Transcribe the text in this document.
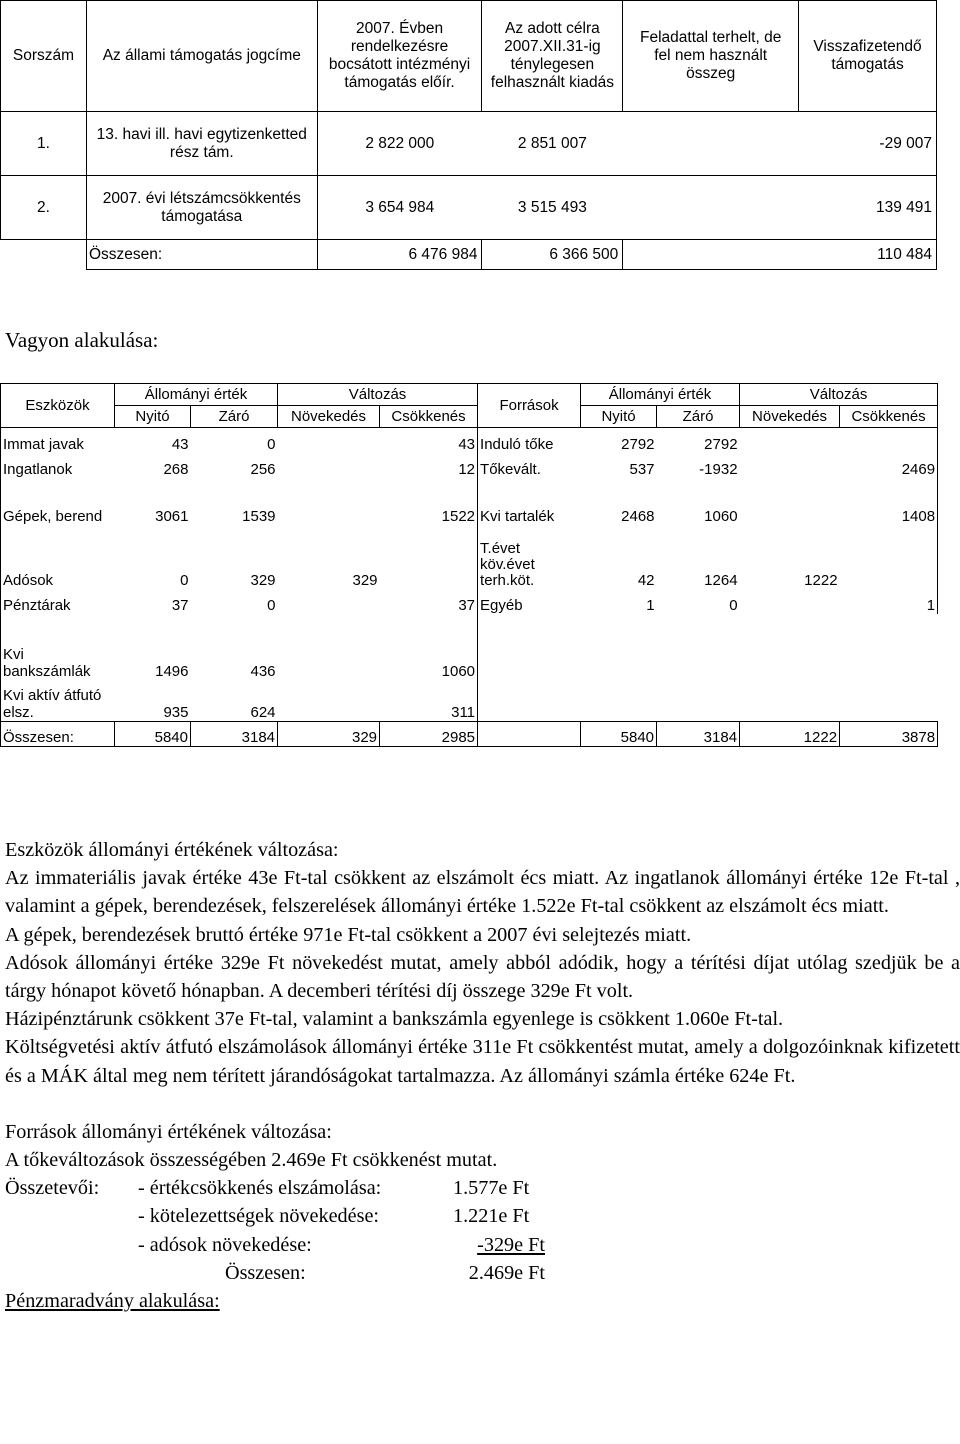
Sorszám	Az állami támogatás jogcíme	2007. Évben rendelkezésre bocsátott intézményi támogatás előír.	Az adott célra 2007.XII.31-ig ténylegesen felhasznált kiadás	Feladattal terhelt, de fel nem használt összeg	Visszafizetendő támogatás
1.	13. havi ill. havi egytizenketted rész tám.	2 822 000	2 851 007		-29 007
2.	2007. évi létszámcsökkentés támogatása	3 654 984	3 515 493		139 491
	Összesen:	6 476 984	6 366 500		110 484
Vagyon alakulása:
Eszközök	Állományi érték		Változás		Források	Állományi érték		Változás	
	Nyitó	Záró	Növekedés	Csökkenés		Nyitó	Záró	Növekedés	Csökkenés
Immat javak	43	0		43	Induló tőke	2792	2792		
Ingatlanok	268	256		12	Tőkevált.	537	-1932		2469
Gépek, berend	3061	1539		1522	Kvi tartalék	2468	1060		1408
Adósok	0	329	329		T.évet köv.évet terh.köt.	42	1264	1222	
Pénztárak	37	0		37	Egyéb	1	0		1
Kvi bankszámlák	1496	436		1060					
Kvi aktív átfutó elsz.	935	624		311					
Összesen:	5840	3184	329	2985		5840	3184	1222	3878

Eszközök állományi értékének változása:

Az immateriális javak értéke 43e Ft-tal csökkent az elszámolt écs miatt. Az ingatlanok állományi értéke 12e Ft-tal , valamint a gépek, berendezések, felszerelések állományi értéke 1.522e Ft-tal csökkent az elszámolt écs miatt.

A gépek, berendezések bruttó értéke 971e Ft-tal csökkent a 2007 évi selejtezés miatt.

Adósok állományi értéke 329e Ft növekedést mutat, amely abból adódik, hogy a térítési díjat utólag szedjük be a tárgy hónapot követő hónapban. A decemberi térítési díj összege 329e Ft volt.

Házipénztárunk csökkent 37e Ft-tal, valamint a bankszámla egyenlege is csökkent 1.060e Ft-tal.

Költségvetési aktív átfutó elszámolások állományi értéke 311e Ft csökkentést mutat, amely a dolgozóinknak kifizetett és a MÁK által meg nem térített járandóságokat tartalmazza. Az állományi számla értéke 624e Ft.

Források állományi értékének változása:

A tőkeváltozások összességében 2.469e Ft csökkenést mutat.

Összetevői:	- értékcsökkenés elszámolása:	1.577e Ft
- kötelezettségek növekedése:	1.221e Ft
- adósok növekedése:	-329e Ft
Összesen:	2.469e Ft

Pénzmaradvány alakulása:
